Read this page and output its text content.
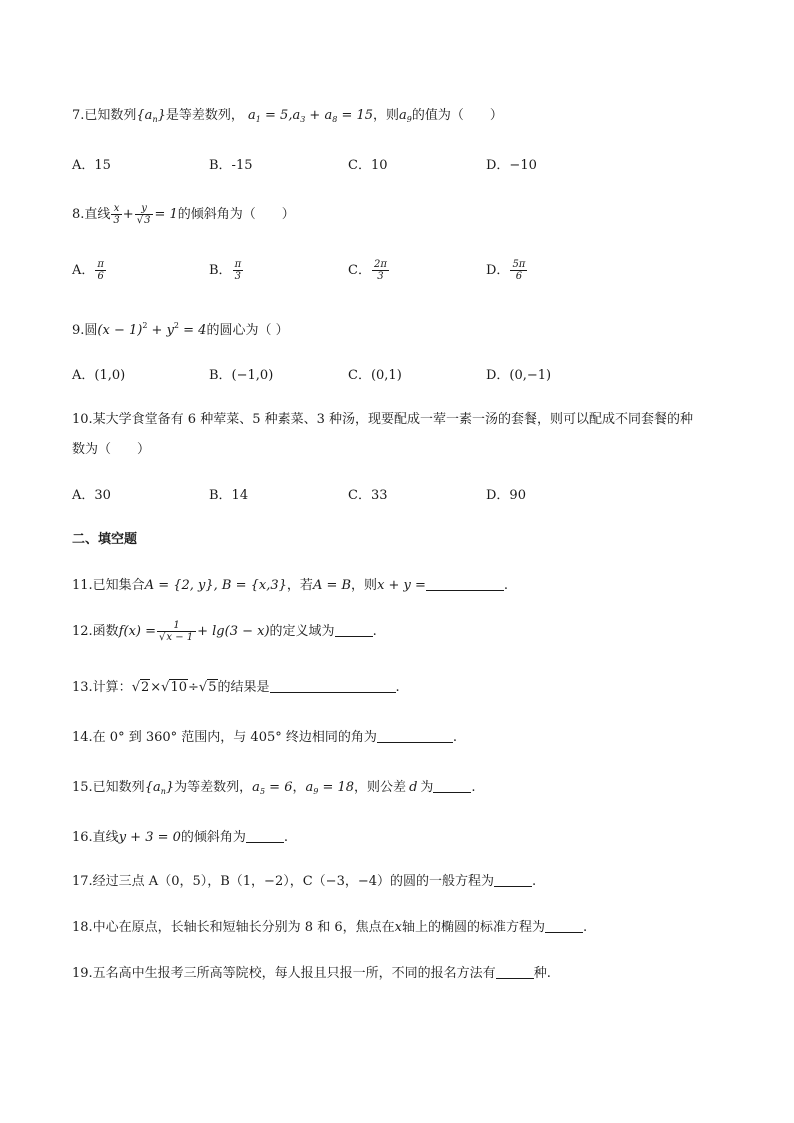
7.已知数列$\{a_n\}$是等差数列， $a_1 = 5,a_3 + a_8 = 15$，则$a_9$的值为（　　）
A．15	B．-15	C．10	D．−10
8.直线 $\frac{x}{3} + \frac{y}{√3} = 1$的倾斜角为（　　）
A． $\frac{\pi}{6}$	B． $\frac{\pi}{3}$	C． $\frac{2\pi}{3}$	D． $\frac{5\pi}{6}$
9.圆$(x - 1)^2 + y^2 = 4$的圆心为（ ）
A．(1,0)	B．(−1,0)	C．(0,1)	D．(0,−1)
10.某大学食堂备有 6 种荤菜、5 种素菜、3 种汤，现要配成一荤一素一汤的套餐，则可以配成不同套餐的种
数为（　　）
A．30	B．14	C．33	D．90
二、填空题
11.已知集合A = {2, y}, B = {x,3}，若A = B，则x + y =	.
12.函数$f(x) = \frac{1}{√x - 1} + \lg(3 - x)$的定义域为	.
13.计算：√2×√10÷√5的结果是	.
14.在 0° 到 360° 范围内，与 405° 终边相同的角为	.
15.已知数列$\{a_n\}$为等差数列，$a_5 = 6$，$a_9 = 18$，则公差 d 为	.
16.直线y + 3 = 0的倾斜角为	.
17.经过三点 A（0，5），B（1，−2），C（−3，−4）的圆的一般方程为	.
18.中心在原点，长轴长和短轴长分别为 8 和 6，焦点在x轴上的椭圆的标准方程为	.
19.五名高中生报考三所高等院校，每人报且只报一所，不同的报名方法有	种.
